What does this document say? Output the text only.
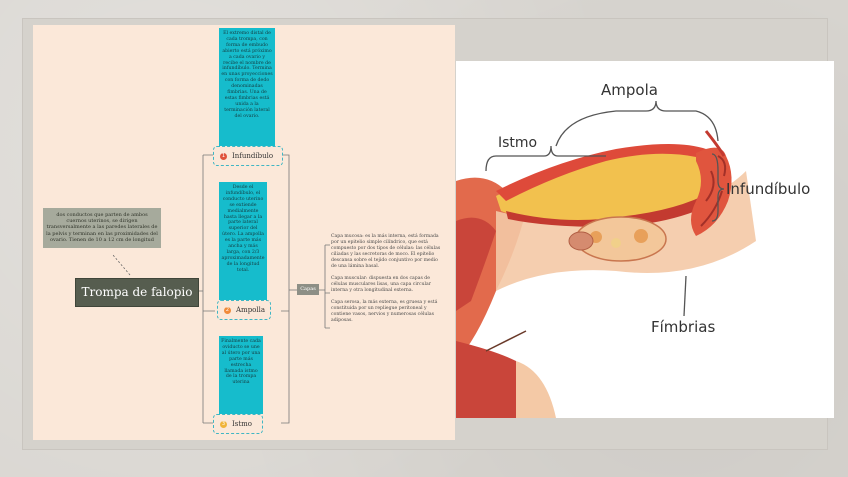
dos conductos que parten de ambos cuernos uterinos, se dirigen transversalmente a las paredes laterales de la pelvis y terminan en las proximidades del ovario. Tienen de 10 a 12 cm de longitud
Trompa de falopio
El extremo distal de cada trompa, con forma de embudo abierto está próximo a cada ovario y recibe el nombre de infundíbulo. Termina en unas proyecciones con forma de dedo denominadas fimbrias. Una de estas fimbrias está unida a la terminación lateral del ovario.
1 Infundíbulo
Desde el infundíbulo, el conducto uterino se extiende medialmente hasta llegar a la parte lateral superior del útero. La ampolla es la parte más ancha y más larga, con 2/3 aproximadamente de la longitud total.
2 Ampolla
Finalmente cada oviducto se une al útero por una parte más estrecha llamada istmo de la trompa uterina
3 Istmo
Capas

Capa mucosa: es la más interna, está formada por un epitelio simple cilíndrico, que está compuesto por dos tipos de células: las células ciliadas y las secretoras de moco. El epitelio descansa sobre el tejido conjuntivo por medio de una lámina basal.

Capa muscular: dispuesta en dos capas de células musculares lisas, una capa circular interna y otra longitudinal externa.

Capa serosa, la más externa, es gruesa y está constituida por un repliegue peritoneal y contiene vasos, nervios y numerosas células adiposas.

Ampola
Istmo
Infundíbulo
Fímbrias
